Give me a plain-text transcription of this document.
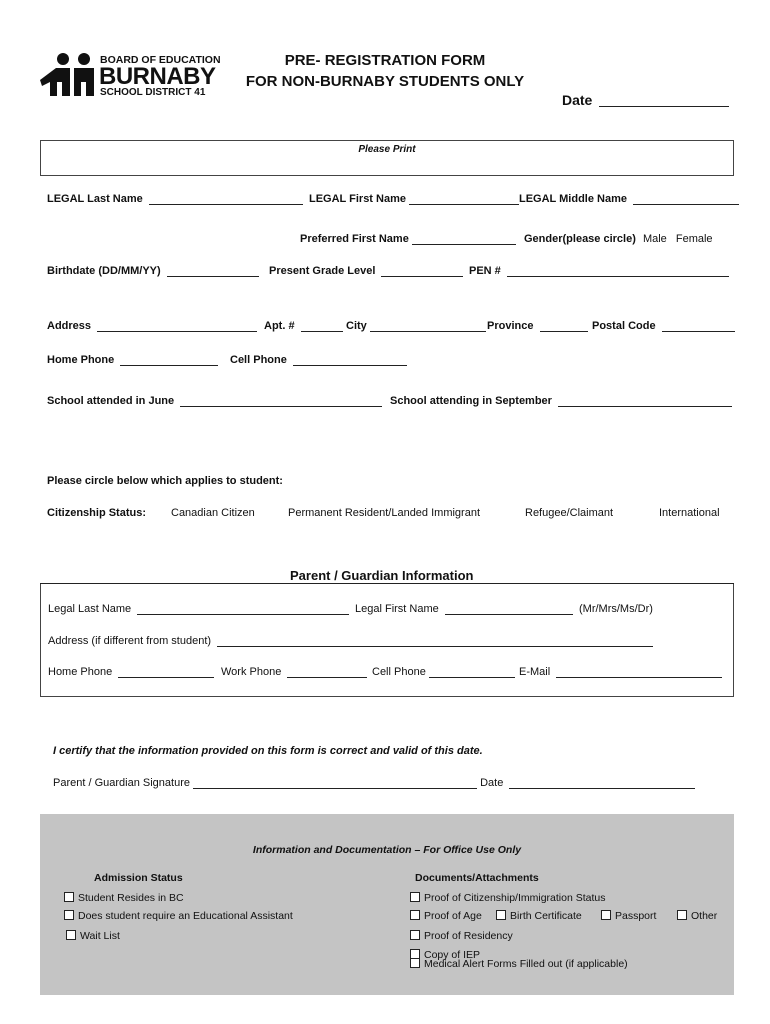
BOARD OF EDUCATION
BURNABY
SCHOOL DISTRICT 41
PRE- REGISTRATION FORM
FOR NON-BURNABY STUDENTS ONLY
Date
Please Print
LEGAL Last Name	LEGAL First Name	LEGAL Middle Name
Preferred First Name	Gender(please circle) Male Female
Birthdate (DD/MM/YY)	Present Grade Level	PEN #
Address	Apt. #	City	Province	Postal Code
Home Phone	Cell Phone
School attended in June	School attending in September
Please circle below which applies to student:
Citizenship Status: Canadian Citizen	Permanent Resident/Landed Immigrant	Refugee/Claimant	International
Parent / Guardian Information
Legal Last Name	Legal First Name	(Mr/Mrs/Ms/Dr)
Address (if different from student)
Home Phone	Work Phone	Cell Phone	E-Mail
I certify that the information provided on this form is correct and valid of this date.
Parent / Guardian Signature	Date
Information and Documentation – For Office Use Only
Admission Status	Documents/Attachments
Student Resides in BC
Does student require an Educational Assistant
Wait List
Proof of Citizenship/Immigration Status
Proof of Age	Birth Certificate	Passport	Other
Proof of Residency
Copy of IEP
Medical Alert Forms Filled out (if applicable)
